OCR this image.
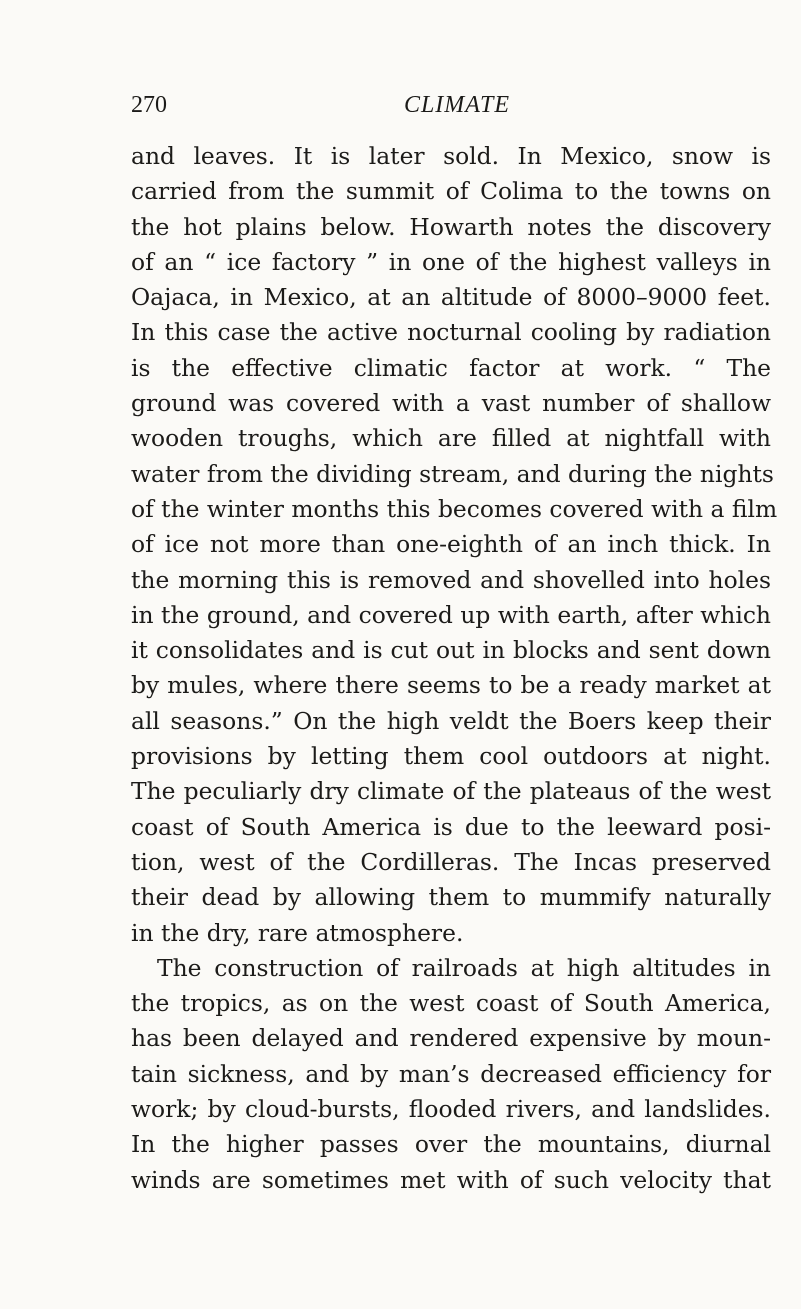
270	CLIMATE
and leaves. It is later sold. In Mexico, snow is
carried from the summit of Colima to the towns on
the hot plains below. Howarth notes the discovery
of an “ ice factory ” in one of the highest valleys in
Oajaca, in Mexico, at an altitude of 8000–9000 feet.
In this case the active nocturnal cooling by radiation
is the effective climatic factor at work. “ The
ground was covered with a vast number of shallow
wooden troughs, which are filled at nightfall with
water from the dividing stream, and during the nights
of the winter months this becomes covered with a film
of ice not more than one-eighth of an inch thick. In
the morning this is removed and shovelled into holes
in the ground, and covered up with earth, after which
it consolidates and is cut out in blocks and sent down
by mules, where there seems to be a ready market at
all seasons.” On the high veldt the Boers keep their
provisions by letting them cool outdoors at night.
The peculiarly dry climate of the plateaus of the west
coast of South America is due to the leeward posi-
tion, west of the Cordilleras. The Incas preserved
their dead by allowing them to mummify naturally
in the dry, rare atmosphere.
The construction of railroads at high altitudes in
the tropics, as on the west coast of South America,
has been delayed and rendered expensive by moun-
tain sickness, and by man’s decreased efficiency for
work; by cloud-bursts, flooded rivers, and landslides.
In the higher passes over the mountains, diurnal
winds are sometimes met with of such velocity that
